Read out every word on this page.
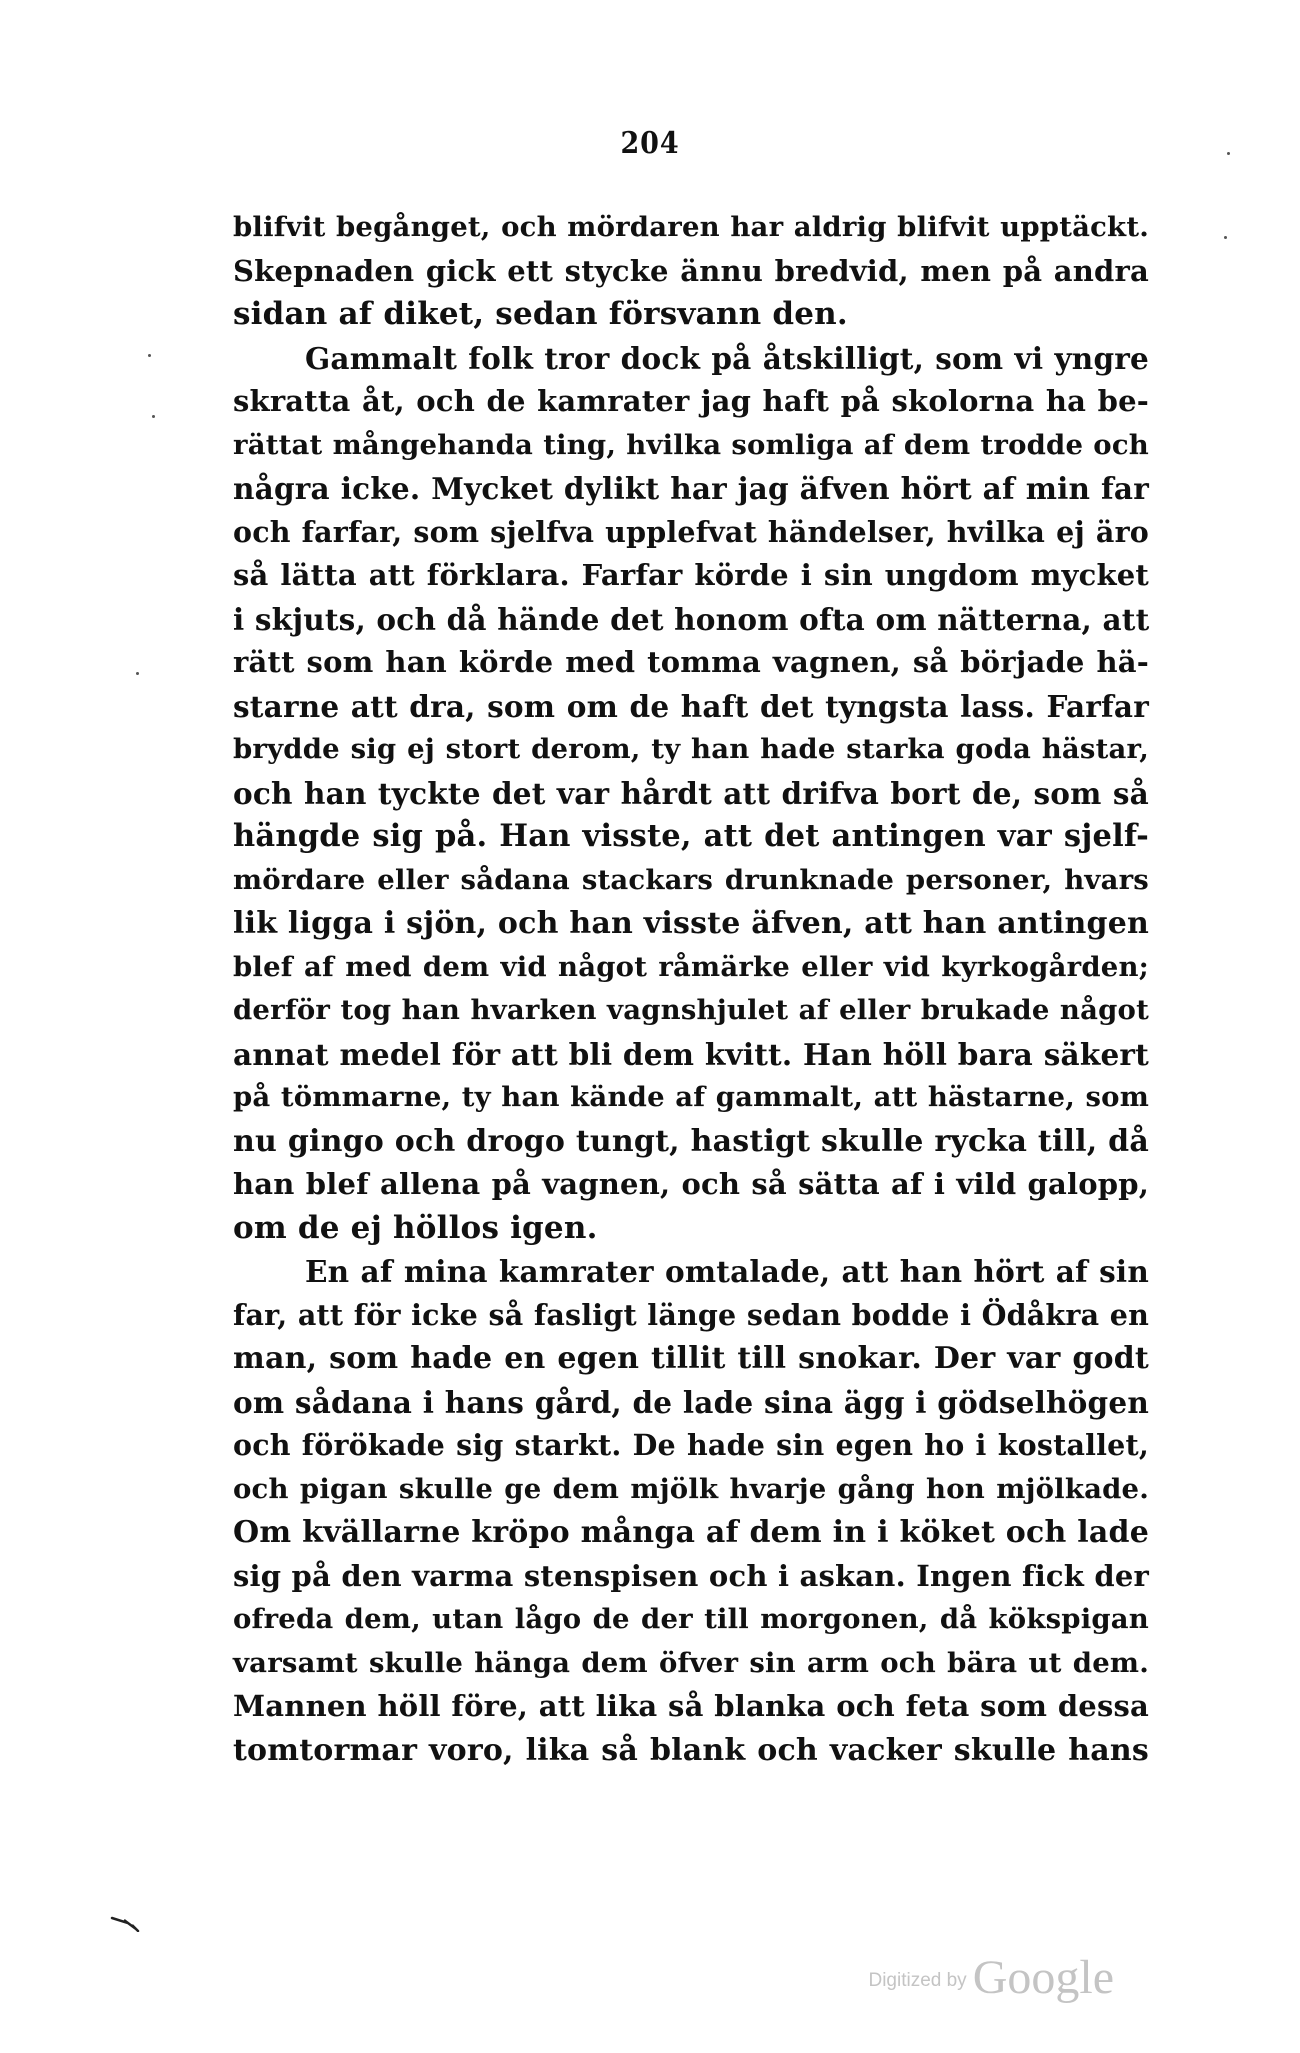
204
blifvit begånget, och mördaren har aldrig blifvit upptäckt.
Skepnaden gick ett stycke ännu bredvid, men på andra
sidan af diket, sedan försvann den.
Gammalt folk tror dock på åtskilligt, som vi yngre
skratta åt, och de kamrater jag haft på skolorna ha be-
rättat mångehanda ting, hvilka somliga af dem trodde och
några icke. Mycket dylikt har jag äfven hört af min far
och farfar, som sjelfva upplefvat händelser, hvilka ej äro
så lätta att förklara. Farfar körde i sin ungdom mycket
i skjuts, och då hände det honom ofta om nätterna, att
rätt som han körde med tomma vagnen, så började hä-
starne att dra, som om de haft det tyngsta lass. Farfar
brydde sig ej stort derom, ty han hade starka goda hästar,
och han tyckte det var hårdt att drifva bort de, som så
hängde sig på. Han visste, att det antingen var sjelf-
mördare eller sådana stackars drunknade personer, hvars
lik ligga i sjön, och han visste äfven, att han antingen
blef af med dem vid något råmärke eller vid kyrkogården;
derför tog han hvarken vagnshjulet af eller brukade något
annat medel för att bli dem kvitt. Han höll bara säkert
på tömmarne, ty han kände af gammalt, att hästarne, som
nu gingo och drogo tungt, hastigt skulle rycka till, då
han blef allena på vagnen, och så sätta af i vild galopp,
om de ej höllos igen.
En af mina kamrater omtalade, att han hört af sin
far, att för icke så fasligt länge sedan bodde i Ödåkra en
man, som hade en egen tillit till snokar. Der var godt
om sådana i hans gård, de lade sina ägg i gödselhögen
och förökade sig starkt. De hade sin egen ho i kostallet,
och pigan skulle ge dem mjölk hvarje gång hon mjölkade.
Om kvällarne kröpo många af dem in i köket och lade
sig på den varma stenspisen och i askan. Ingen fick der
ofreda dem, utan lågo de der till morgonen, då kökspigan
varsamt skulle hänga dem öfver sin arm och bära ut dem.
Mannen höll före, att lika så blanka och feta som dessa
tomtormar voro, lika så blank och vacker skulle hans
Digitized by Google
